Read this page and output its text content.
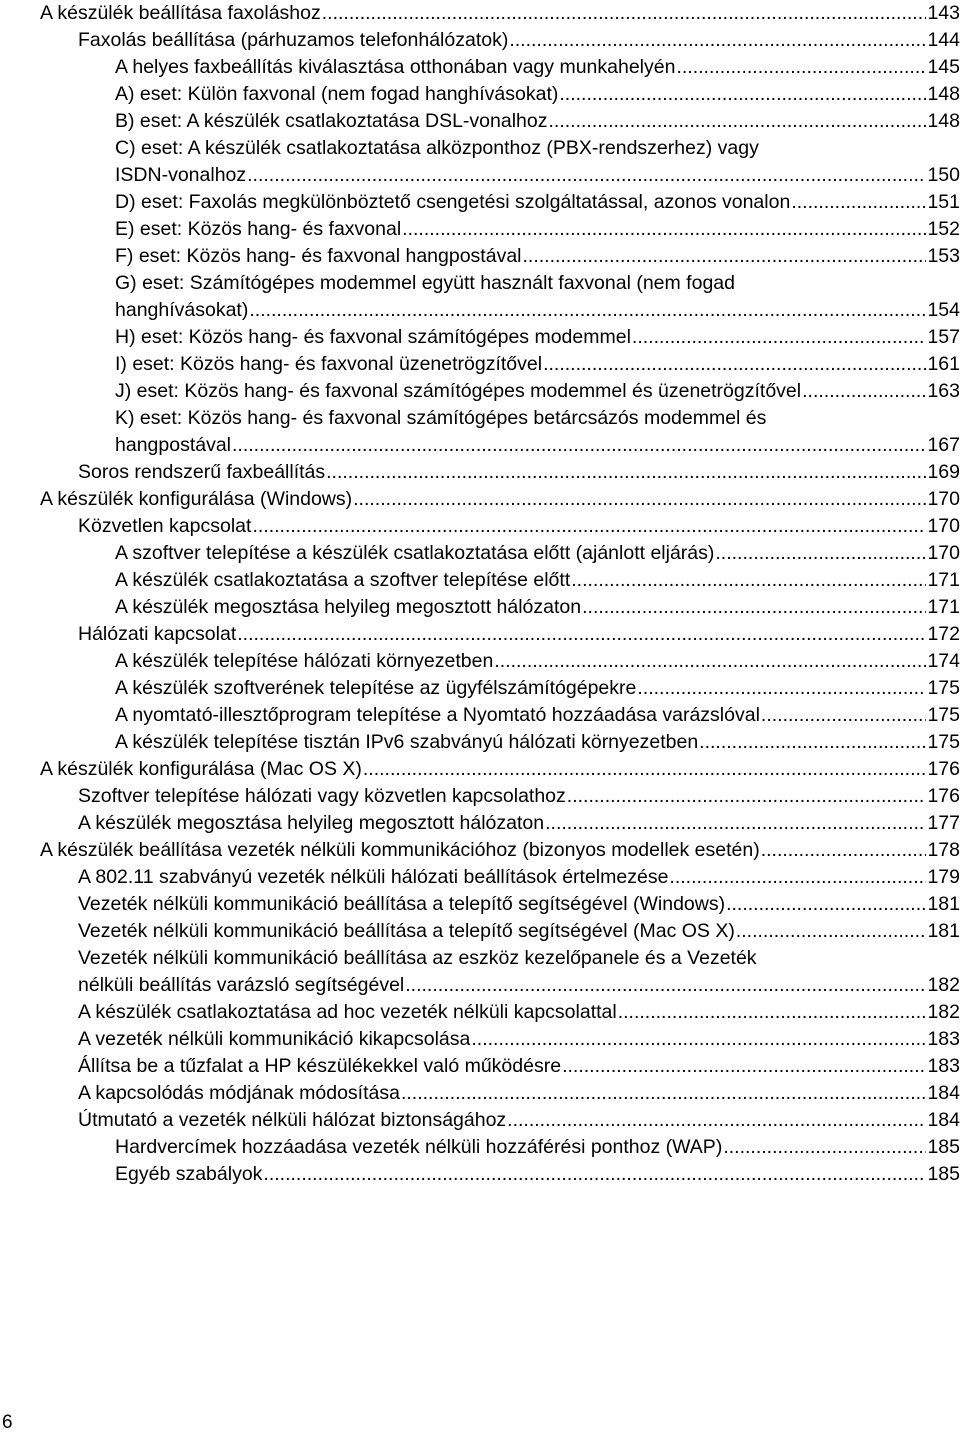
A készülék beállítása faxoláshoz .....	143
Faxolás beállítása (párhuzamos telefonhálózatok) .....	144
A helyes faxbeállítás kiválasztása otthonában vagy munkahelyén .....	145
A) eset: Külön faxvonal (nem fogad hanghívásokat) .....	148
B) eset: A készülék csatlakoztatása DSL-vonalhoz .....	148
C) eset: A készülék csatlakoztatása alközponthoz (PBX-rendszerhez) vagy
ISDN-vonalhoz .....	150
D) eset: Faxolás megkülönböztető csengetési szolgáltatással, azonos vonalon .....	151
E) eset: Közös hang- és faxvonal .....	152
F) eset: Közös hang- és faxvonal hangpostával .....	153
G) eset: Számítógépes modemmel együtt használt faxvonal (nem fogad
hanghívásokat) .....	154
H) eset: Közös hang- és faxvonal számítógépes modemmel .....	157
I) eset: Közös hang- és faxvonal üzenetrögzítővel .....	161
J) eset: Közös hang- és faxvonal számítógépes modemmel és üzenetrögzítővel .....	163
K) eset: Közös hang- és faxvonal számítógépes betárcsázós modemmel és
hangpostával .....	167
Soros rendszerű faxbeállítás .....	169
A készülék konfigurálása (Windows) .....	170
Közvetlen kapcsolat .....	170
A szoftver telepítése a készülék csatlakoztatása előtt (ajánlott eljárás) .....	170
A készülék csatlakoztatása a szoftver telepítése előtt .....	171
A készülék megosztása helyileg megosztott hálózaton .....	171
Hálózati kapcsolat .....	172
A készülék telepítése hálózati környezetben .....	174
A készülék szoftverének telepítése az ügyfélszámítógépekre .....	175
A nyomtató-illesztőprogram telepítése a Nyomtató hozzáadása varázslóval .....	175
A készülék telepítése tisztán IPv6 szabványú hálózati környezetben .....	175
A készülék konfigurálása (Mac OS X) .....	176
Szoftver telepítése hálózati vagy közvetlen kapcsolathoz .....	176
A készülék megosztása helyileg megosztott hálózaton .....	177
A készülék beállítása vezeték nélküli kommunikációhoz (bizonyos modellek esetén) .....	178
A 802.11 szabványú vezeték nélküli hálózati beállítások értelmezése .....	179
Vezeték nélküli kommunikáció beállítása a telepítő segítségével (Windows) .....	181
Vezeték nélküli kommunikáció beállítása a telepítő segítségével (Mac OS X) .....	181
Vezeték nélküli kommunikáció beállítása az eszköz kezelőpanele és a Vezeték
nélküli beállítás varázsló segítségével .....	182
A készülék csatlakoztatása ad hoc vezeték nélküli kapcsolattal .....	182
A vezeték nélküli kommunikáció kikapcsolása .....	183
Állítsa be a tűzfalat a HP készülékekkel való működésre .....	183
A kapcsolódás módjának módosítása .....	184
Útmutató a vezeték nélküli hálózat biztonságához .....	184
Hardvercímek hozzáadása vezeték nélküli hozzáférési ponthoz (WAP) .....	185
Egyéb szabályok .....	185
6
